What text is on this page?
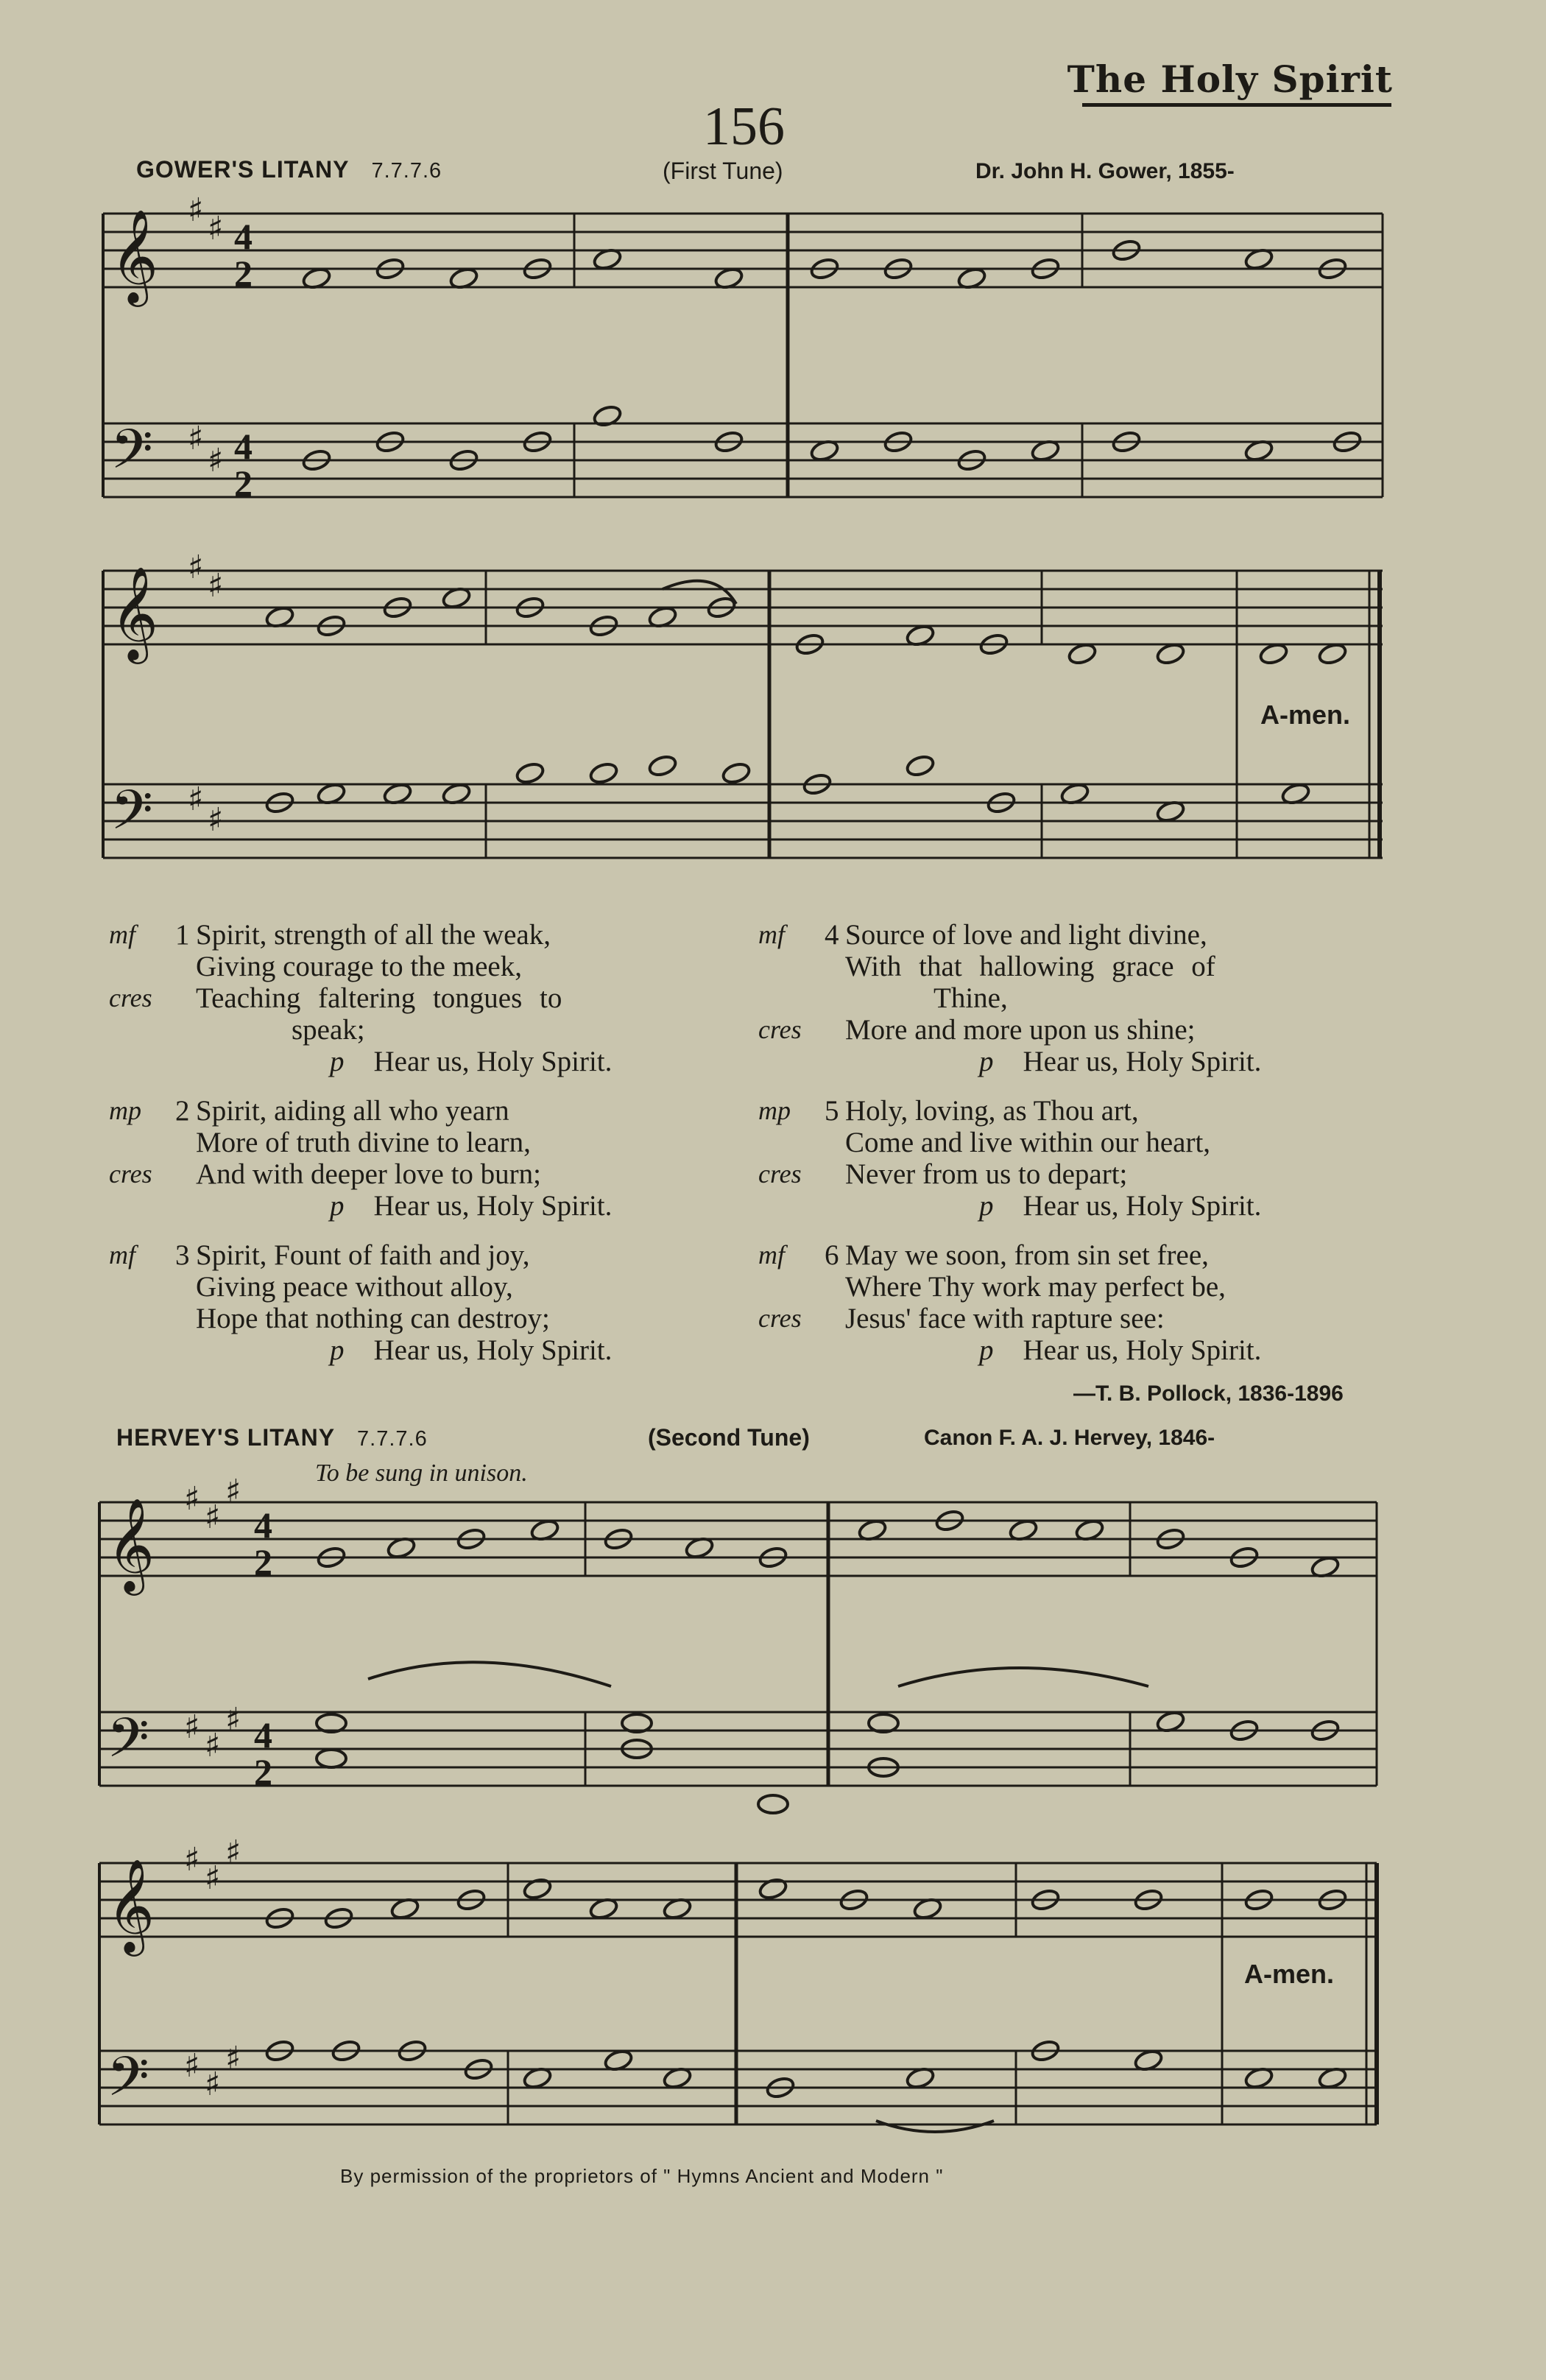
The Holy Spirit
156
GOWER'S LITANY 7.7.7.6	(First Tune)	Dr. John H. Gower, 1855-
𝄞
𝄢
𝄞
𝄢
𝄞
𝄢
𝄞
𝄢
♯ ♯
♯
♯
♯ ♯
♯
♯
♯ ♯
♯
♯ ♯
♯
♯ ♯
♯
♯ ♯
♯
4
2
4
2
4
2
4
2
A-men.
mf	1 Spirit, strength of all the weak,
Giving courage to the meek,
cres	Teaching faltering tongues to
speak;
p Hear us, Holy Spirit.
mp	2 Spirit, aiding all who yearn
More of truth divine to learn,
cres	And with deeper love to burn;
p Hear us, Holy Spirit.
mf	3 Spirit, Fount of faith and joy,
Giving peace without alloy,
Hope that nothing can destroy;
p Hear us, Holy Spirit.
mf	4 Source of love and light divine,
With that hallowing grace of
Thine,
cres	More and more upon us shine;
p Hear us, Holy Spirit.
mp	5 Holy, loving, as Thou art,
Come and live within our heart,
cres	Never from us to depart;
p Hear us, Holy Spirit.
mf	6 May we soon, from sin set free,
Where Thy work may perfect be,
cres	Jesus' face with rapture see:
p Hear us, Holy Spirit.
—T. B. Pollock, 1836-1896
HERVEY'S LITANY 7.7.7.6	(Second Tune)	Canon F. A. J. Hervey, 1846-
To be sung in unison.
A-men.
By permission of the proprietors of " Hymns Ancient and Modern "
